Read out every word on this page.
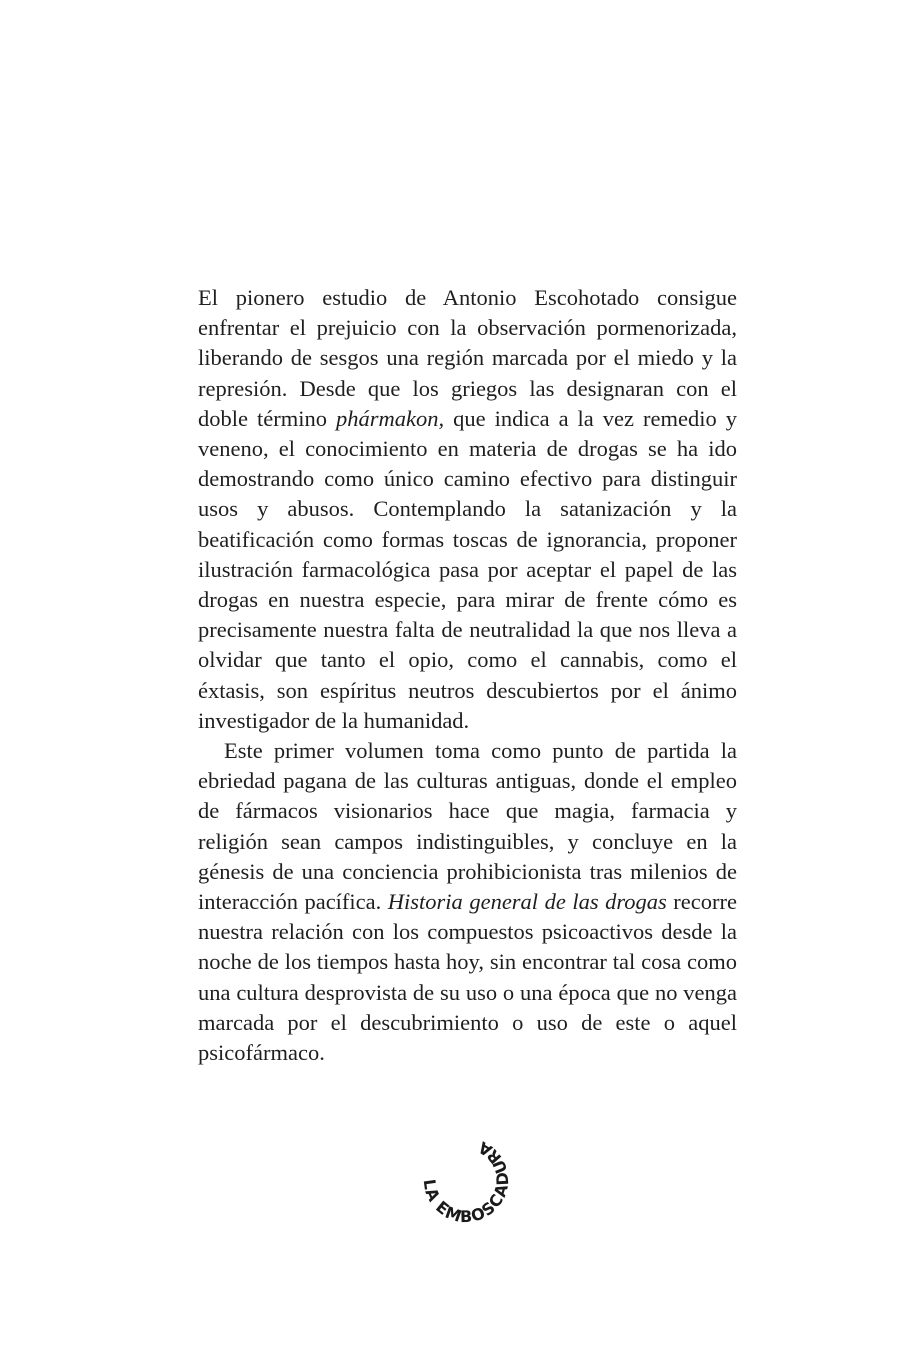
El pionero estudio de Antonio Escohotado consigue enfrentar el prejuicio con la observación pormenorizada, liberando de sesgos una región marcada por el miedo y la represión. Desde que los griegos las designaran con el doble término phármakon, que indica a la vez remedio y veneno, el conocimiento en materia de drogas se ha ido demostrando como único camino efectivo para distinguir usos y abusos. Contemplando la satanización y la beatificación como formas toscas de ignorancia, proponer ilustración farmacológica pasa por aceptar el papel de las drogas en nuestra especie, para mirar de frente cómo es precisamente nuestra falta de neutralidad la que nos lleva a olvidar que tanto el opio, como el cannabis, como el éxtasis, son espíritus neutros descubiertos por el ánimo investigador de la humanidad.

Este primer volumen toma como punto de partida la ebriedad pagana de las culturas antiguas, donde el empleo de fármacos visionarios hace que magia, farmacia y religión sean campos indistinguibles, y concluye en la génesis de una conciencia prohibicionista tras milenios de interacción pacífica. Historia general de las drogas recorre nuestra relación con los compuestos psicoactivos desde la noche de los tiempos hasta hoy, sin encontrar tal cosa como una cultura desprovista de su uso o una época que no venga marcada por el descubrimiento o uso de este o aquel psicofármaco.

LA EMBOSCADURA
